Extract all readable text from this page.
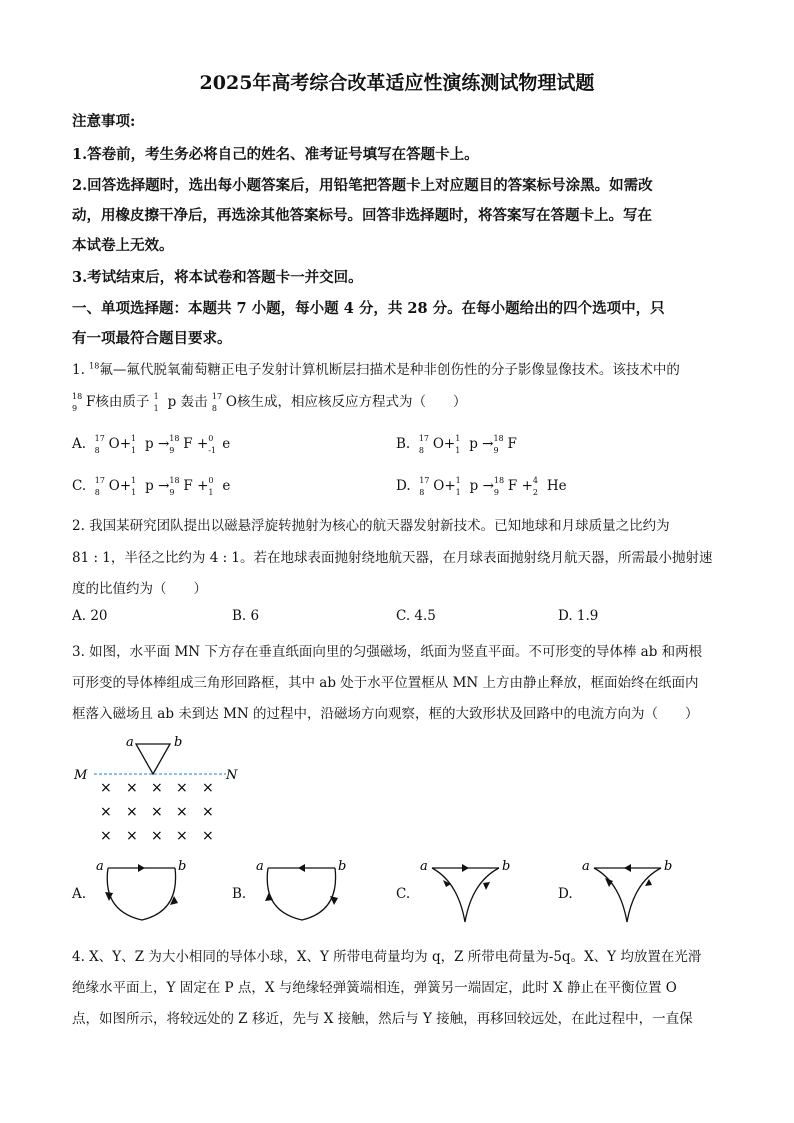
2025年高考综合改革适应性演练测试物理试题
注意事项:
1.答卷前，考生务必将自己的姓名、准考证号填写在答题卡上。
2.回答选择题时，选出每小题答案后，用铅笔把答题卡上对应题目的答案标号涂黑。如需改
动，用橡皮擦干净后，再选涂其他答案标号。回答非选择题时，将答案写在答题卡上。写在
本试卷上无效。
3.考试结束后，将本试卷和答题卡一并交回。
一、单项选择题：本题共 7 小题，每小题 4 分，共 28 分。在每小题给出的四个选项中，只
有一项最符合题目要求。
1. $^{18}$氟—氟代脱氧葡萄糖正电子发射计算机断层扫描术是种非创伤性的分子影像显像技术。该技术中的
18
9 F核由质子 1
1 p 轰击 17
8 O核生成，相应核反应方程式为（　　）
A. 17
8 O+ 1
1 p → 18
9 F + 0
-1 e	B. 17
8 O+ 1
1 p → 18
9 F
C. 17
8 O+ 1
1 p → 18
9 F + 0
1 e	D. 17
8 O+ 1
1 p → 18
9 F + 4
2 He
2. 我国某研究团队提出以磁悬浮旋转抛射为核心的航天器发射新技术。已知地球和月球质量之比约为
81 : 1，半径之比约为 4 : 1。若在地球表面抛射绕地航天器，在月球表面抛射绕月航天器，所需最小抛射速
度的比值约为（　　）
A. 20	B. 6	C. 4.5	D. 1.9
3. 如图，水平面 MN 下方存在垂直纸面向里的匀强磁场，纸面为竖直平面。不可形变的导体棒 ab 和两根
可形变的导体棒组成三角形回路框，其中 ab 处于水平位置框从 MN 上方由静止释放，框面始终在纸面内
框落入磁场且 ab 未到达 MN 的过程中，沿磁场方向观察，框的大致形状及回路中的电流方向为（　　）
a	b
M	N
× × × × ×
× × × × ×
× × × × ×
A.
a	b
B.
a	b
C.
a	b
D.
a	b
4. X、Y、Z 为大小相同的导体小球，X、Y 所带电荷量均为 q，Z 所带电荷量为-5q。X、Y 均放置在光滑
绝缘水平面上，Y 固定在 P 点，X 与绝缘轻弹簧端相连，弹簧另一端固定，此时 X 静止在平衡位置 O
点，如图所示，将较远处的 Z 移近，先与 X 接触，然后与 Y 接触，再移回较远处，在此过程中，一直保
